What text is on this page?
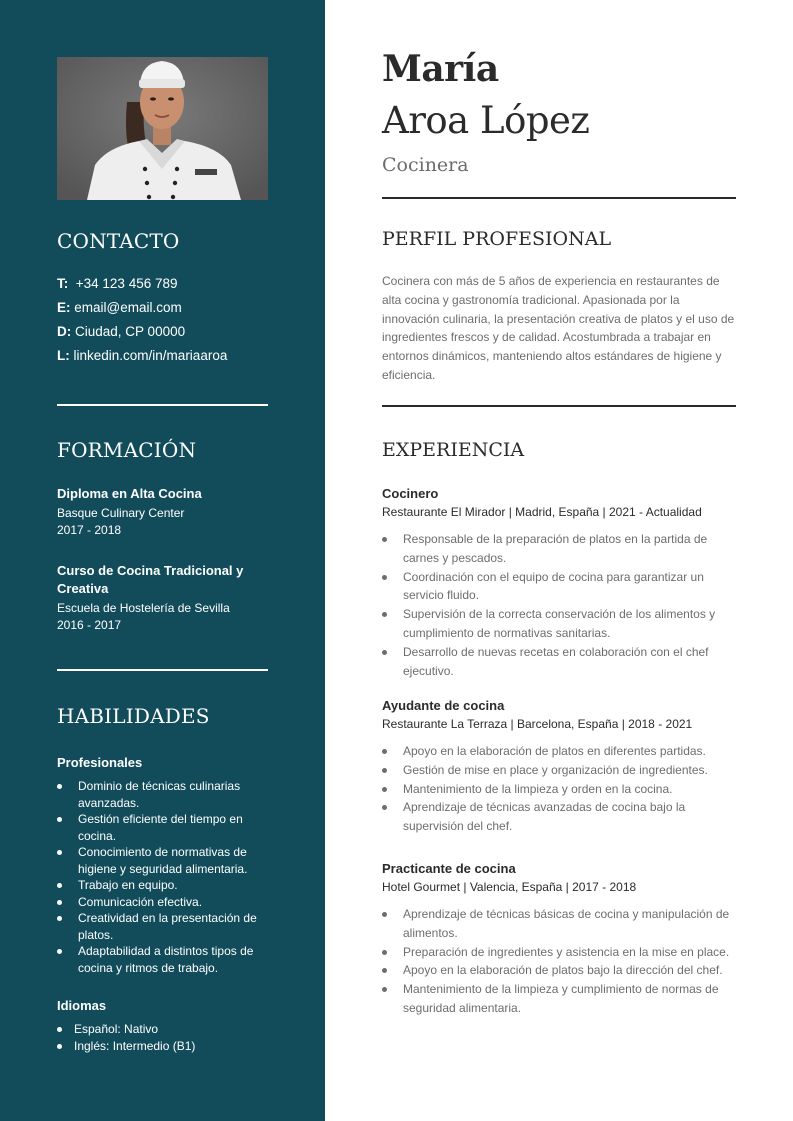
CONTACTO
T: +34 123 456 789
E: email@email.com
D: Ciudad, CP 00000
L: linkedin.com/in/mariaaroa
FORMACIÓN
Diploma en Alta Cocina
Basque Culinary Center
2017 - 2018
Curso de Cocina Tradicional y Creativa
Escuela de Hostelería de Sevilla
2016 - 2017
HABILIDADES
Profesionales
Dominio de técnicas culinarias avanzadas.
Gestión eficiente del tiempo en cocina.
Conocimiento de normativas de higiene y seguridad alimentaria.
Trabajo en equipo.
Comunicación efectiva.
Creatividad en la presentación de platos.
Adaptabilidad a distintos tipos de cocina y ritmos de trabajo.
Idiomas
Español: Nativo
Inglés: Intermedio (B1)
María
Aroa López
Cocinera
PERFIL PROFESIONAL

Cocinera con más de 5 años de experiencia en restaurantes de alta cocina y gastronomía tradicional. Apasionada por la innovación culinaria, la presentación creativa de platos y el uso de ingredientes frescos y de calidad. Acostumbrada a trabajar en entornos dinámicos, manteniendo altos estándares de higiene y eficiencia.

EXPERIENCIA
Cocinero

Restaurante El Mirador | Madrid, España | 2021 - Actualidad

Responsable de la preparación de platos en la partida de carnes y pescados.
Coordinación con el equipo de cocina para garantizar un servicio fluido.
Supervisión de la correcta conservación de los alimentos y cumplimiento de normativas sanitarias.
Desarrollo de nuevas recetas en colaboración con el chef ejecutivo.
Ayudante de cocina

Restaurante La Terraza | Barcelona, España | 2018 - 2021

Apoyo en la elaboración de platos en diferentes partidas.
Gestión de mise en place y organización de ingredientes.
Mantenimiento de la limpieza y orden en la cocina.
Aprendizaje de técnicas avanzadas de cocina bajo la supervisión del chef.
Practicante de cocina

Hotel Gourmet | Valencia, España | 2017 - 2018

Aprendizaje de técnicas básicas de cocina y manipulación de alimentos.
Preparación de ingredientes y asistencia en la mise en place.
Apoyo en la elaboración de platos bajo la dirección del chef.
Mantenimiento de la limpieza y cumplimiento de normas de seguridad alimentaria.
